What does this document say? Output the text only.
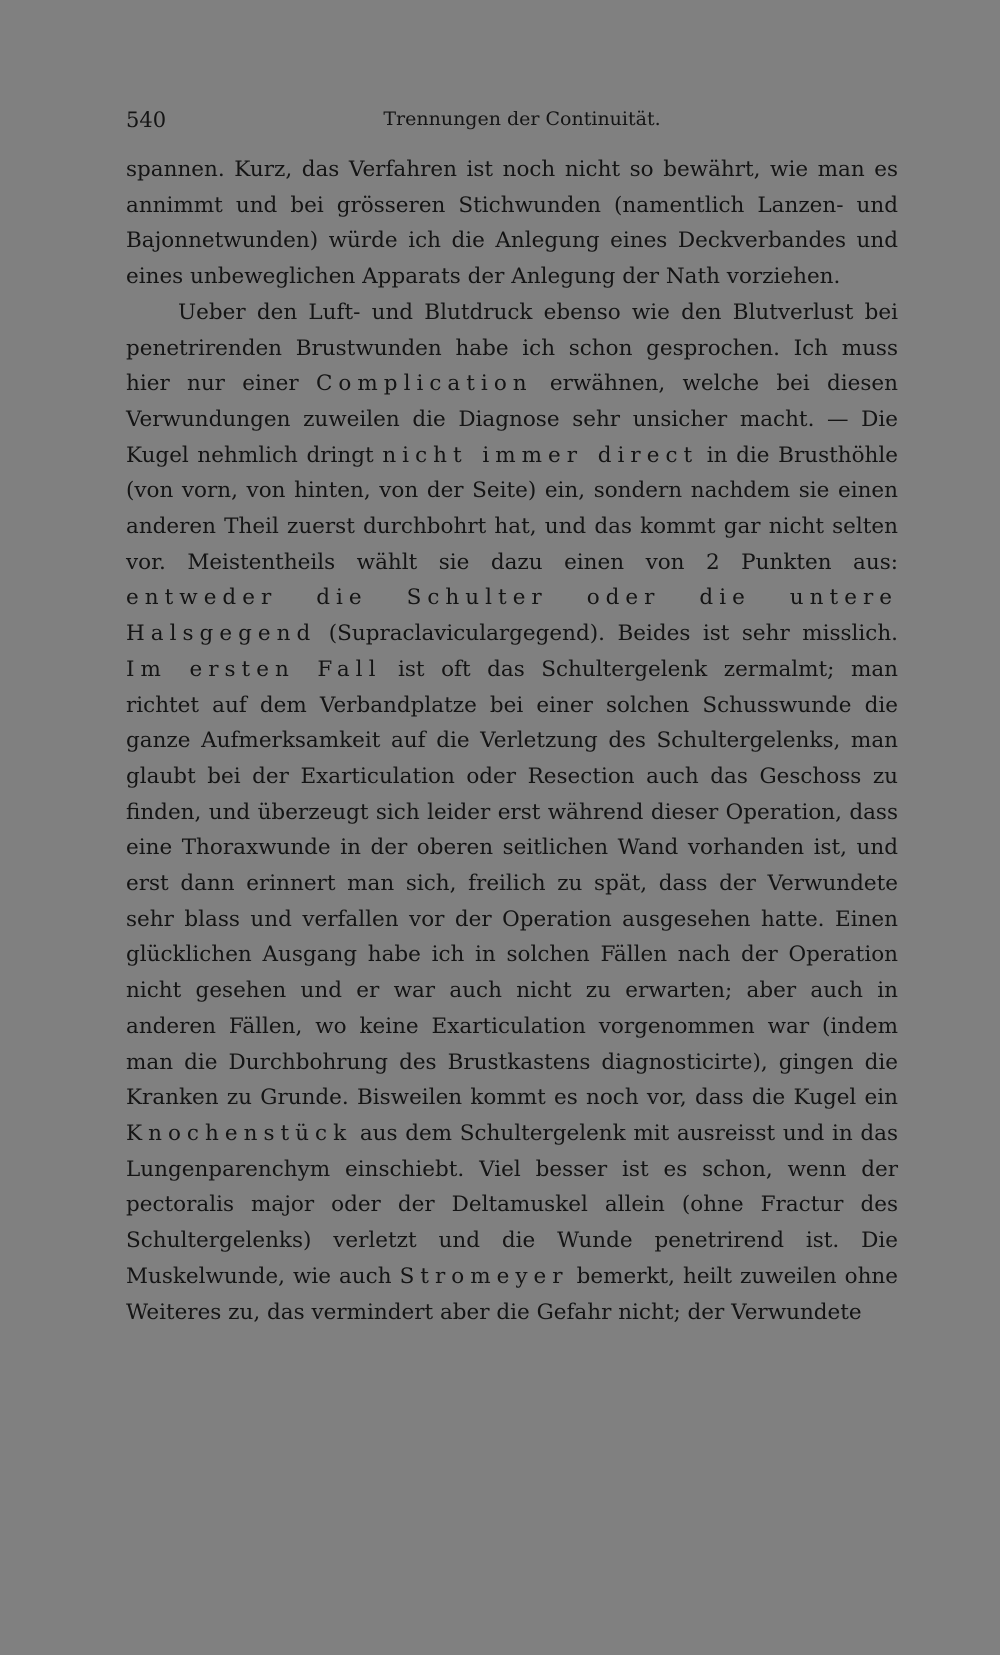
540	Trennungen der Continuität.

spannen. Kurz, das Verfahren ist noch nicht so bewährt, wie man es annimmt und bei grösseren Stichwunden (namentlich Lanzen- und Bajonnetwunden) würde ich die Anlegung eines Deckverbandes und eines unbeweglichen Apparats der Anlegung der Nath vorziehen.

Ueber den Luft- und Blutdruck ebenso wie den Blutverlust bei penetrirenden Brustwunden habe ich schon gesprochen. Ich muss hier nur einer Complication erwähnen, welche bei diesen Verwundungen zuweilen die Diagnose sehr unsicher macht. — Die Kugel nehmlich dringt nicht immer direct in die Brusthöhle (von vorn, von hinten, von der Seite) ein, sondern nachdem sie einen anderen Theil zuerst durchbohrt hat, und das kommt gar nicht selten vor. Meistentheils wählt sie dazu einen von 2 Punkten aus: entweder die Schulter oder die untere Halsgegend (Supraclaviculargegend). Beides ist sehr misslich. Im ersten Fall ist oft das Schultergelenk zermalmt; man richtet auf dem Verbandplatze bei einer solchen Schusswunde die ganze Aufmerksamkeit auf die Verletzung des Schultergelenks, man glaubt bei der Exarticulation oder Resection auch das Geschoss zu finden, und überzeugt sich leider erst während dieser Operation, dass eine Thoraxwunde in der oberen seitlichen Wand vorhanden ist, und erst dann erinnert man sich, freilich zu spät, dass der Verwundete sehr blass und verfallen vor der Operation ausgesehen hatte. Einen glücklichen Ausgang habe ich in solchen Fällen nach der Operation nicht gesehen und er war auch nicht zu erwarten; aber auch in anderen Fällen, wo keine Exarticulation vorgenommen war (indem man die Durchbohrung des Brustkastens diagnosticirte), gingen die Kranken zu Grunde. Bisweilen kommt es noch vor, dass die Kugel ein Knochenstück aus dem Schultergelenk mit ausreisst und in das Lungenparenchym einschiebt. Viel besser ist es schon, wenn der pectoralis major oder der Deltamuskel allein (ohne Fractur des Schultergelenks) verletzt und die Wunde penetrirend ist. Die Muskelwunde, wie auch Stromeyer bemerkt, heilt zuweilen ohne Weiteres zu, das vermindert aber die Gefahr nicht; der Verwundete
